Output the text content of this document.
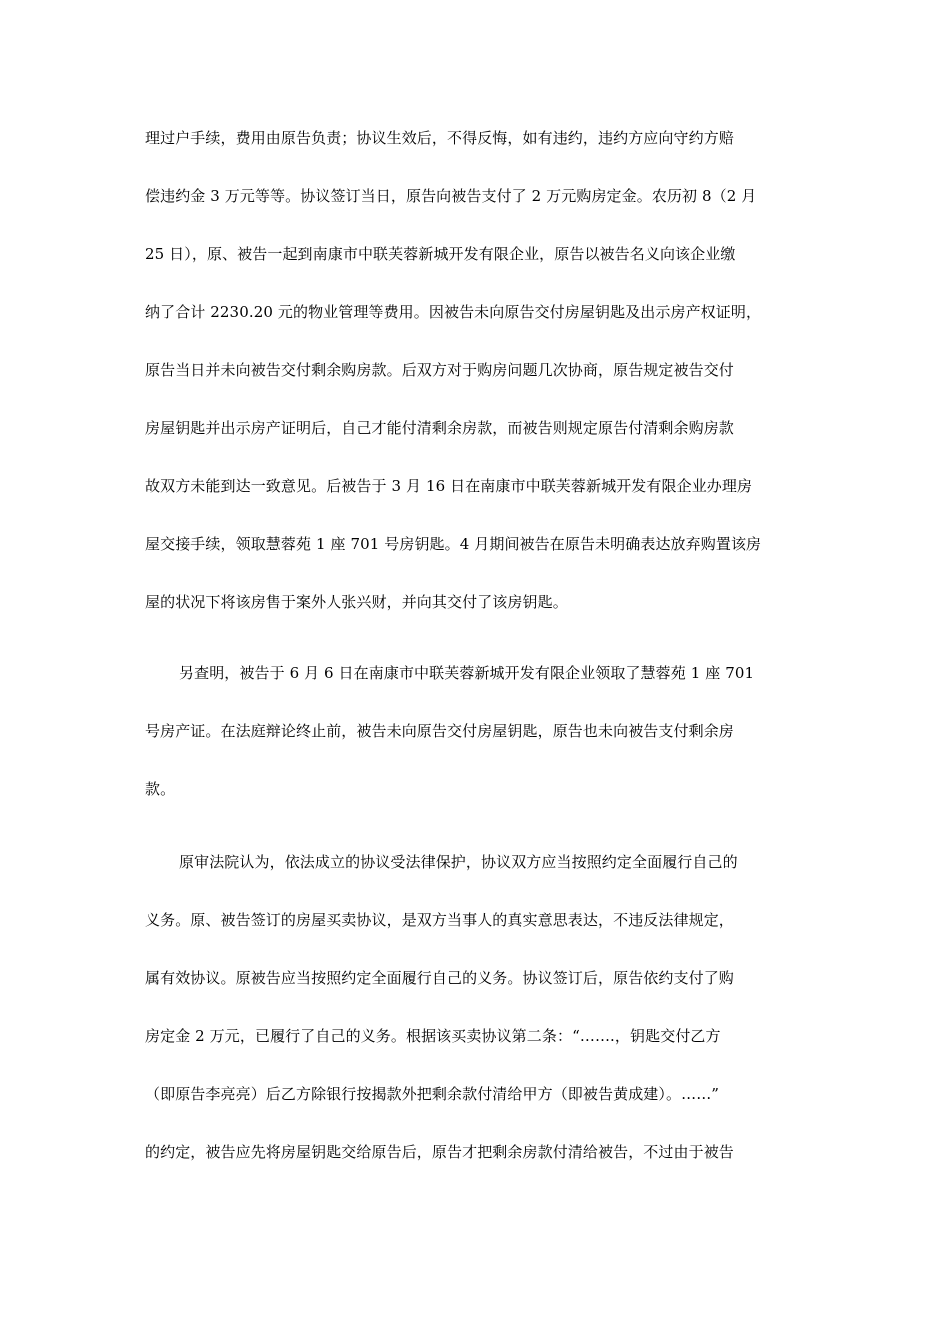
理过户手续，费用由原告负责；协议生效后，不得反悔，如有违约，违约方应向守约方赔
偿违约金 3 万元等等。协议签订当日，原告向被告支付了 2 万元购房定金。农历初 8（2 月
25 日），原、被告一起到南康市中联芙蓉新城开发有限企业，原告以被告名义向该企业缴
纳了合计 2230.20 元的物业管理等费用。因被告未向原告交付房屋钥匙及出示房产权证明，
原告当日并未向被告交付剩余购房款。后双方对于购房问题几次协商，原告规定被告交付
房屋钥匙并出示房产证明后，自己才能付清剩余房款，而被告则规定原告付清剩余购房款
故双方未能到达一致意见。后被告于 3 月 16 日在南康市中联芙蓉新城开发有限企业办理房
屋交接手续，领取慧蓉苑 1 座 701 号房钥匙。4 月期间被告在原告未明确表达放弃购置该房
屋的状况下将该房售于案外人张兴财，并向其交付了该房钥匙。
另查明，被告于 6 月 6 日在南康市中联芙蓉新城开发有限企业领取了慧蓉苑 1 座 701
号房产证。在法庭辩论终止前，被告未向原告交付房屋钥匙，原告也未向被告支付剩余房
款。
原审法院认为，依法成立的协议受法律保护，协议双方应当按照约定全面履行自己的
义务。原、被告签订的房屋买卖协议，是双方当事人的真实意思表达，不违反法律规定，
属有效协议。原被告应当按照约定全面履行自己的义务。协议签订后，原告依约支付了购
房定金 2 万元，已履行了自己的义务。根据该买卖协议第二条：“…….，钥匙交付乙方
（即原告李亮亮）后乙方除银行按揭款外把剩余款付清给甲方（即被告黄成建）。……”
的约定，被告应先将房屋钥匙交给原告后，原告才把剩余房款付清给被告，不过由于被告
